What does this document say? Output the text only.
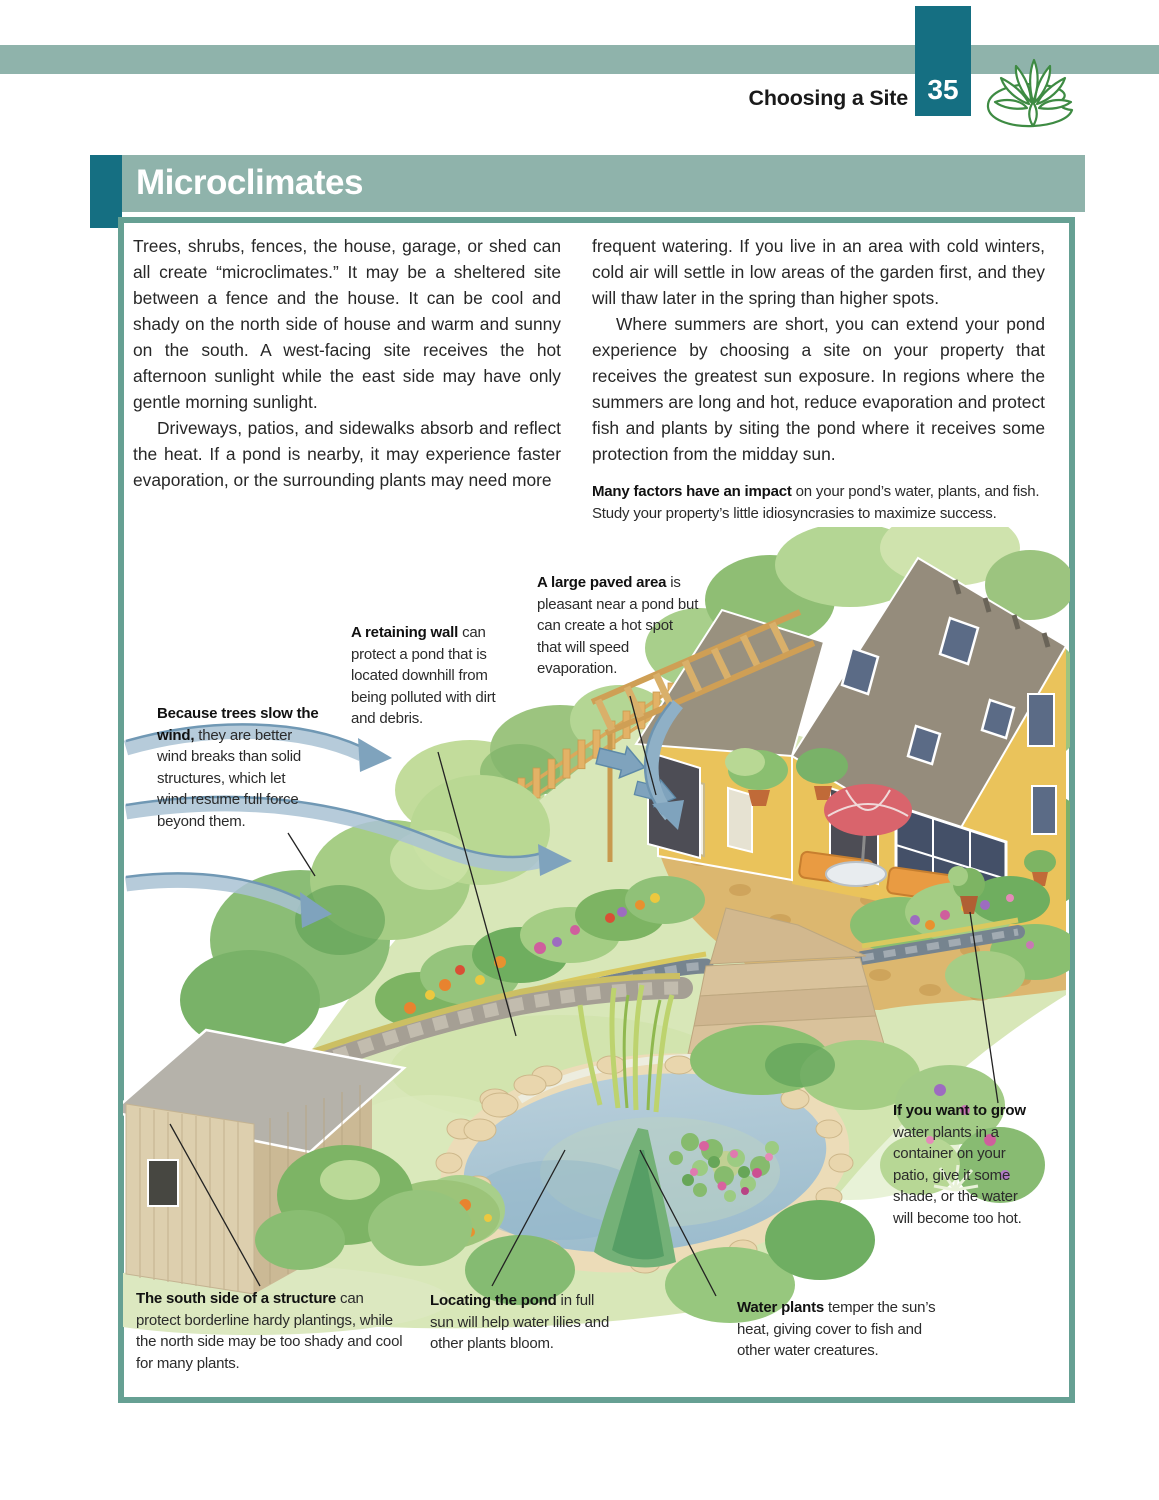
35
Choosing a Site
Microclimates

Trees, shrubs, fences, the house, garage, or shed can all create “microclimates.” It may be a sheltered site between a fence and the house. It can be cool and shady on the north side of house and warm and sunny on the south. A west-facing site receives the hot afternoon sunlight while the east side may have only gentle morning sunlight.

Driveways, patios, and sidewalks absorb and reflect the heat. If a pond is nearby, it may experience faster evaporation, or the surrounding plants may need more

frequent watering. If you live in an area with cold winters, cold air will settle in low areas of the garden first, and they will thaw later in the spring than higher spots.

Where summers are short, you can extend your pond experience by choosing a site on your property that receives the greatest sun exposure. In regions where the summers are long and hot, reduce evaporation and protect fish and plants by siting the pond where it receives some protection from the midday sun.

Many factors have an impact on your pond’s water, plants, and fish. Study your property’s little idiosyncrasies to maximize success.
Because trees slow the wind, they are better wind breaks than solid structures, which let wind resume full force beyond them.
A retaining wall can protect a pond that is located downhill from being polluted with dirt and debris.
A large paved area is pleasant near a pond but can create a hot spot that will speed evaporation.
If you want to grow water plants in a container on your patio, give it some shade, or the water will become too hot.
The south side of a structure can protect borderline hardy plantings, while the north side may be too shady and cool for many plants.
Locating the pond in full sun will help water lilies and other plants bloom.
Water plants temper the sun’s heat, giving cover to fish and other water creatures.
